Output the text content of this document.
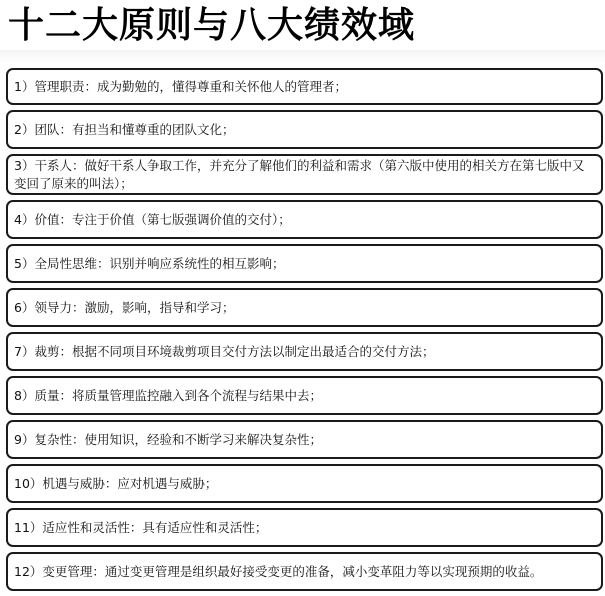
十二大原则与八大绩效域
1）管理职责：成为勤勉的，懂得尊重和关怀他人的管理者；
2）团队：有担当和懂尊重的团队文化；
3）干系人：做好干系人争取工作，并充分了解他们的利益和需求（第六版中使用的相关方在第七版中又变回了原来的叫法）；
4）价值：专注于价值（第七版强调价值的交付）；
5）全局性思维：识别并响应系统性的相互影响；
6）领导力：激励，影响，指导和学习；
7）裁剪：根据不同项目环境裁剪项目交付方法以制定出最适合的交付方法；
8）质量：将质量管理监控融入到各个流程与结果中去；
9）复杂性：使用知识，经验和不断学习来解决复杂性；
10）机遇与威胁：应对机遇与威胁；
11）适应性和灵活性：具有适应性和灵活性；
12）变更管理：通过变更管理是组织最好接受变更的准备，减小变革阻力等以实现预期的收益。
